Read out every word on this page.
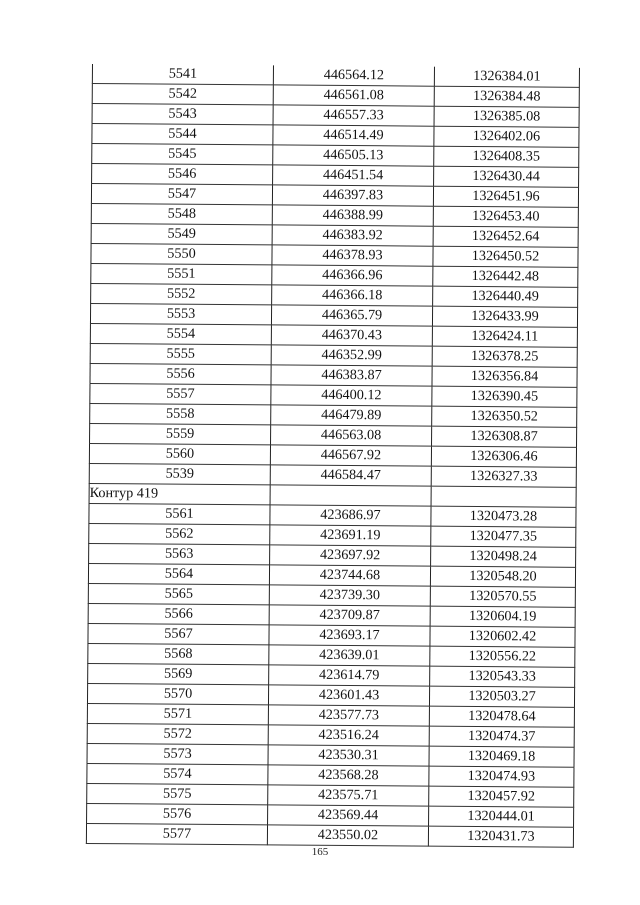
5541	446564.12	1326384.01
5542	446561.08	1326384.48
5543	446557.33	1326385.08
5544	446514.49	1326402.06
5545	446505.13	1326408.35
5546	446451.54	1326430.44
5547	446397.83	1326451.96
5548	446388.99	1326453.40
5549	446383.92	1326452.64
5550	446378.93	1326450.52
5551	446366.96	1326442.48
5552	446366.18	1326440.49
5553	446365.79	1326433.99
5554	446370.43	1326424.11
5555	446352.99	1326378.25
5556	446383.87	1326356.84
5557	446400.12	1326390.45
5558	446479.89	1326350.52
5559	446563.08	1326308.87
5560	446567.92	1326306.46
5539	446584.47	1326327.33
Контур 419		
5561	423686.97	1320473.28
5562	423691.19	1320477.35
5563	423697.92	1320498.24
5564	423744.68	1320548.20
5565	423739.30	1320570.55
5566	423709.87	1320604.19
5567	423693.17	1320602.42
5568	423639.01	1320556.22
5569	423614.79	1320543.33
5570	423601.43	1320503.27
5571	423577.73	1320478.64
5572	423516.24	1320474.37
5573	423530.31	1320469.18
5574	423568.28	1320474.93
5575	423575.71	1320457.92
5576	423569.44	1320444.01
5577	423550.02	1320431.73
165
